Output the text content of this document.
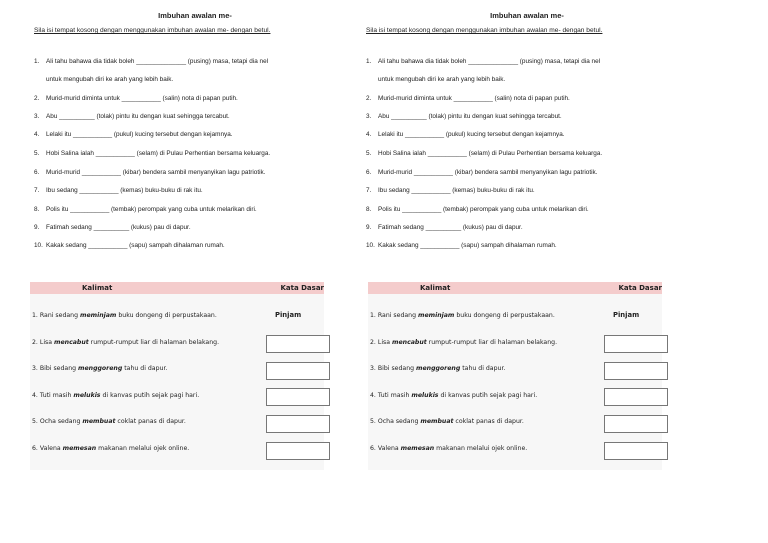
Imbuhan awalan me-
Sila isi tempat kosong dengan menggunakan imbuhan awalan me- dengan betul.
1. Ali tahu bahawa dia tidak boleh ______________ (pusing) masa, tetapi dia nel
untuk mengubah diri ke arah yang lebih baik.
2. Murid-murid diminta untuk ___________ (salin) nota di papan putih.
3. Abu __________ (tolak) pintu itu dengan kuat sehingga tercabut.
4. Lelaki itu ___________ (pukul) kucing tersebut dengan kejamnya.
5. Hobi Salina ialah ___________ (selam) di Pulau Perhentian bersama keluarga.
6. Murid-murid ___________ (kibar) bendera sambil menyanyikan lagu patriotik.
7. Ibu sedang ___________ (kemas) buku-buku di rak itu.
8. Polis itu ___________ (tembak) perompak yang cuba untuk melarikan diri.
9. Fatimah sedang __________ (kukus) pau di dapur.
10. Kakak sedang ___________ (sapu) sampah dihalaman rumah.
Kalimat	Kata Dasar
1. Rani sedang meminjam buku dongeng di perpustakaan.	Pinjam
2. Lisa mencabut rumput-rumput liar di halaman belakang.
3. Bibi sedang menggoreng tahu di dapur.
4. Tuti masih melukis di kanvas putih sejak pagi hari.
5. Ocha sedang membuat coklat panas di dapur.
6. Valena memesan makanan melalui ojek online.
Imbuhan awalan me-
Sila isi tempat kosong dengan menggunakan imbuhan awalan me- dengan betul.
1. Ali tahu bahawa dia tidak boleh ______________ (pusing) masa, tetapi dia nel
untuk mengubah diri ke arah yang lebih baik.
2. Murid-murid diminta untuk ___________ (salin) nota di papan putih.
3. Abu __________ (tolak) pintu itu dengan kuat sehingga tercabut.
4. Lelaki itu ___________ (pukul) kucing tersebut dengan kejamnya.
5. Hobi Salina ialah ___________ (selam) di Pulau Perhentian bersama keluarga.
6. Murid-murid ___________ (kibar) bendera sambil menyanyikan lagu patriotik.
7. Ibu sedang ___________ (kemas) buku-buku di rak itu.
8. Polis itu ___________ (tembak) perompak yang cuba untuk melarikan diri.
9. Fatimah sedang __________ (kukus) pau di dapur.
10. Kakak sedang ___________ (sapu) sampah dihalaman rumah.
Kalimat	Kata Dasar
1. Rani sedang meminjam buku dongeng di perpustakaan.	Pinjam
2. Lisa mencabut rumput-rumput liar di halaman belakang.
3. Bibi sedang menggoreng tahu di dapur.
4. Tuti masih melukis di kanvas putih sejak pagi hari.
5. Ocha sedang membuat coklat panas di dapur.
6. Valena memesan makanan melalui ojek online.
